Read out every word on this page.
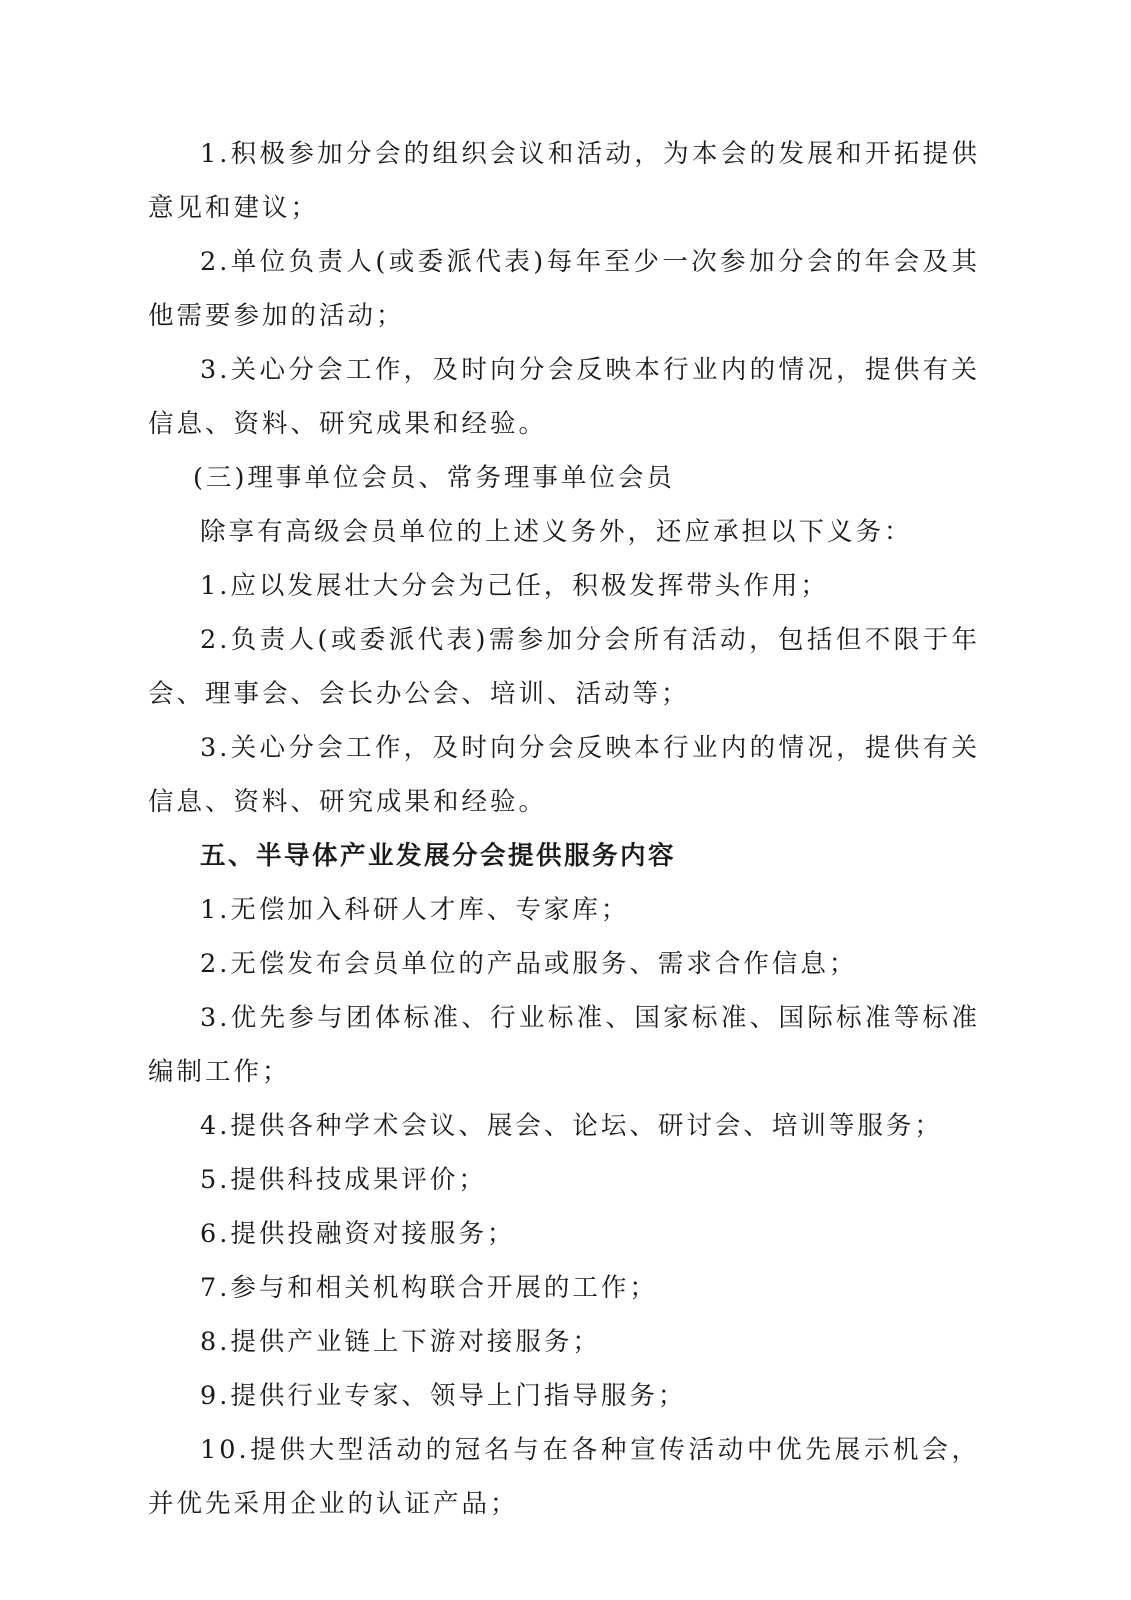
1.积极参加分会的组织会议和活动，为本会的发展和开拓提供意见和建议；

2.单位负责人(或委派代表)每年至少一次参加分会的年会及其他需要参加的活动；

3.关心分会工作，及时向分会反映本行业内的情况，提供有关信息、资料、研究成果和经验。

(三)理事单位会员、常务理事单位会员

除享有高级会员单位的上述义务外，还应承担以下义务：

1.应以发展壮大分会为己任，积极发挥带头作用；

2.负责人(或委派代表)需参加分会所有活动，包括但不限于年会、理事会、会长办公会、培训、活动等；

3.关心分会工作，及时向分会反映本行业内的情况，提供有关信息、资料、研究成果和经验。

五、半导体产业发展分会提供服务内容

1.无偿加入科研人才库、专家库；

2.无偿发布会员单位的产品或服务、需求合作信息；

3.优先参与团体标准、行业标准、国家标准、国际标准等标准编制工作；

4.提供各种学术会议、展会、论坛、研讨会、培训等服务；

5.提供科技成果评价；

6.提供投融资对接服务；

7.参与和相关机构联合开展的工作；

8.提供产业链上下游对接服务；

9.提供行业专家、领导上门指导服务；

10.提供大型活动的冠名与在各种宣传活动中优先展示机会，并优先采用企业的认证产品；
